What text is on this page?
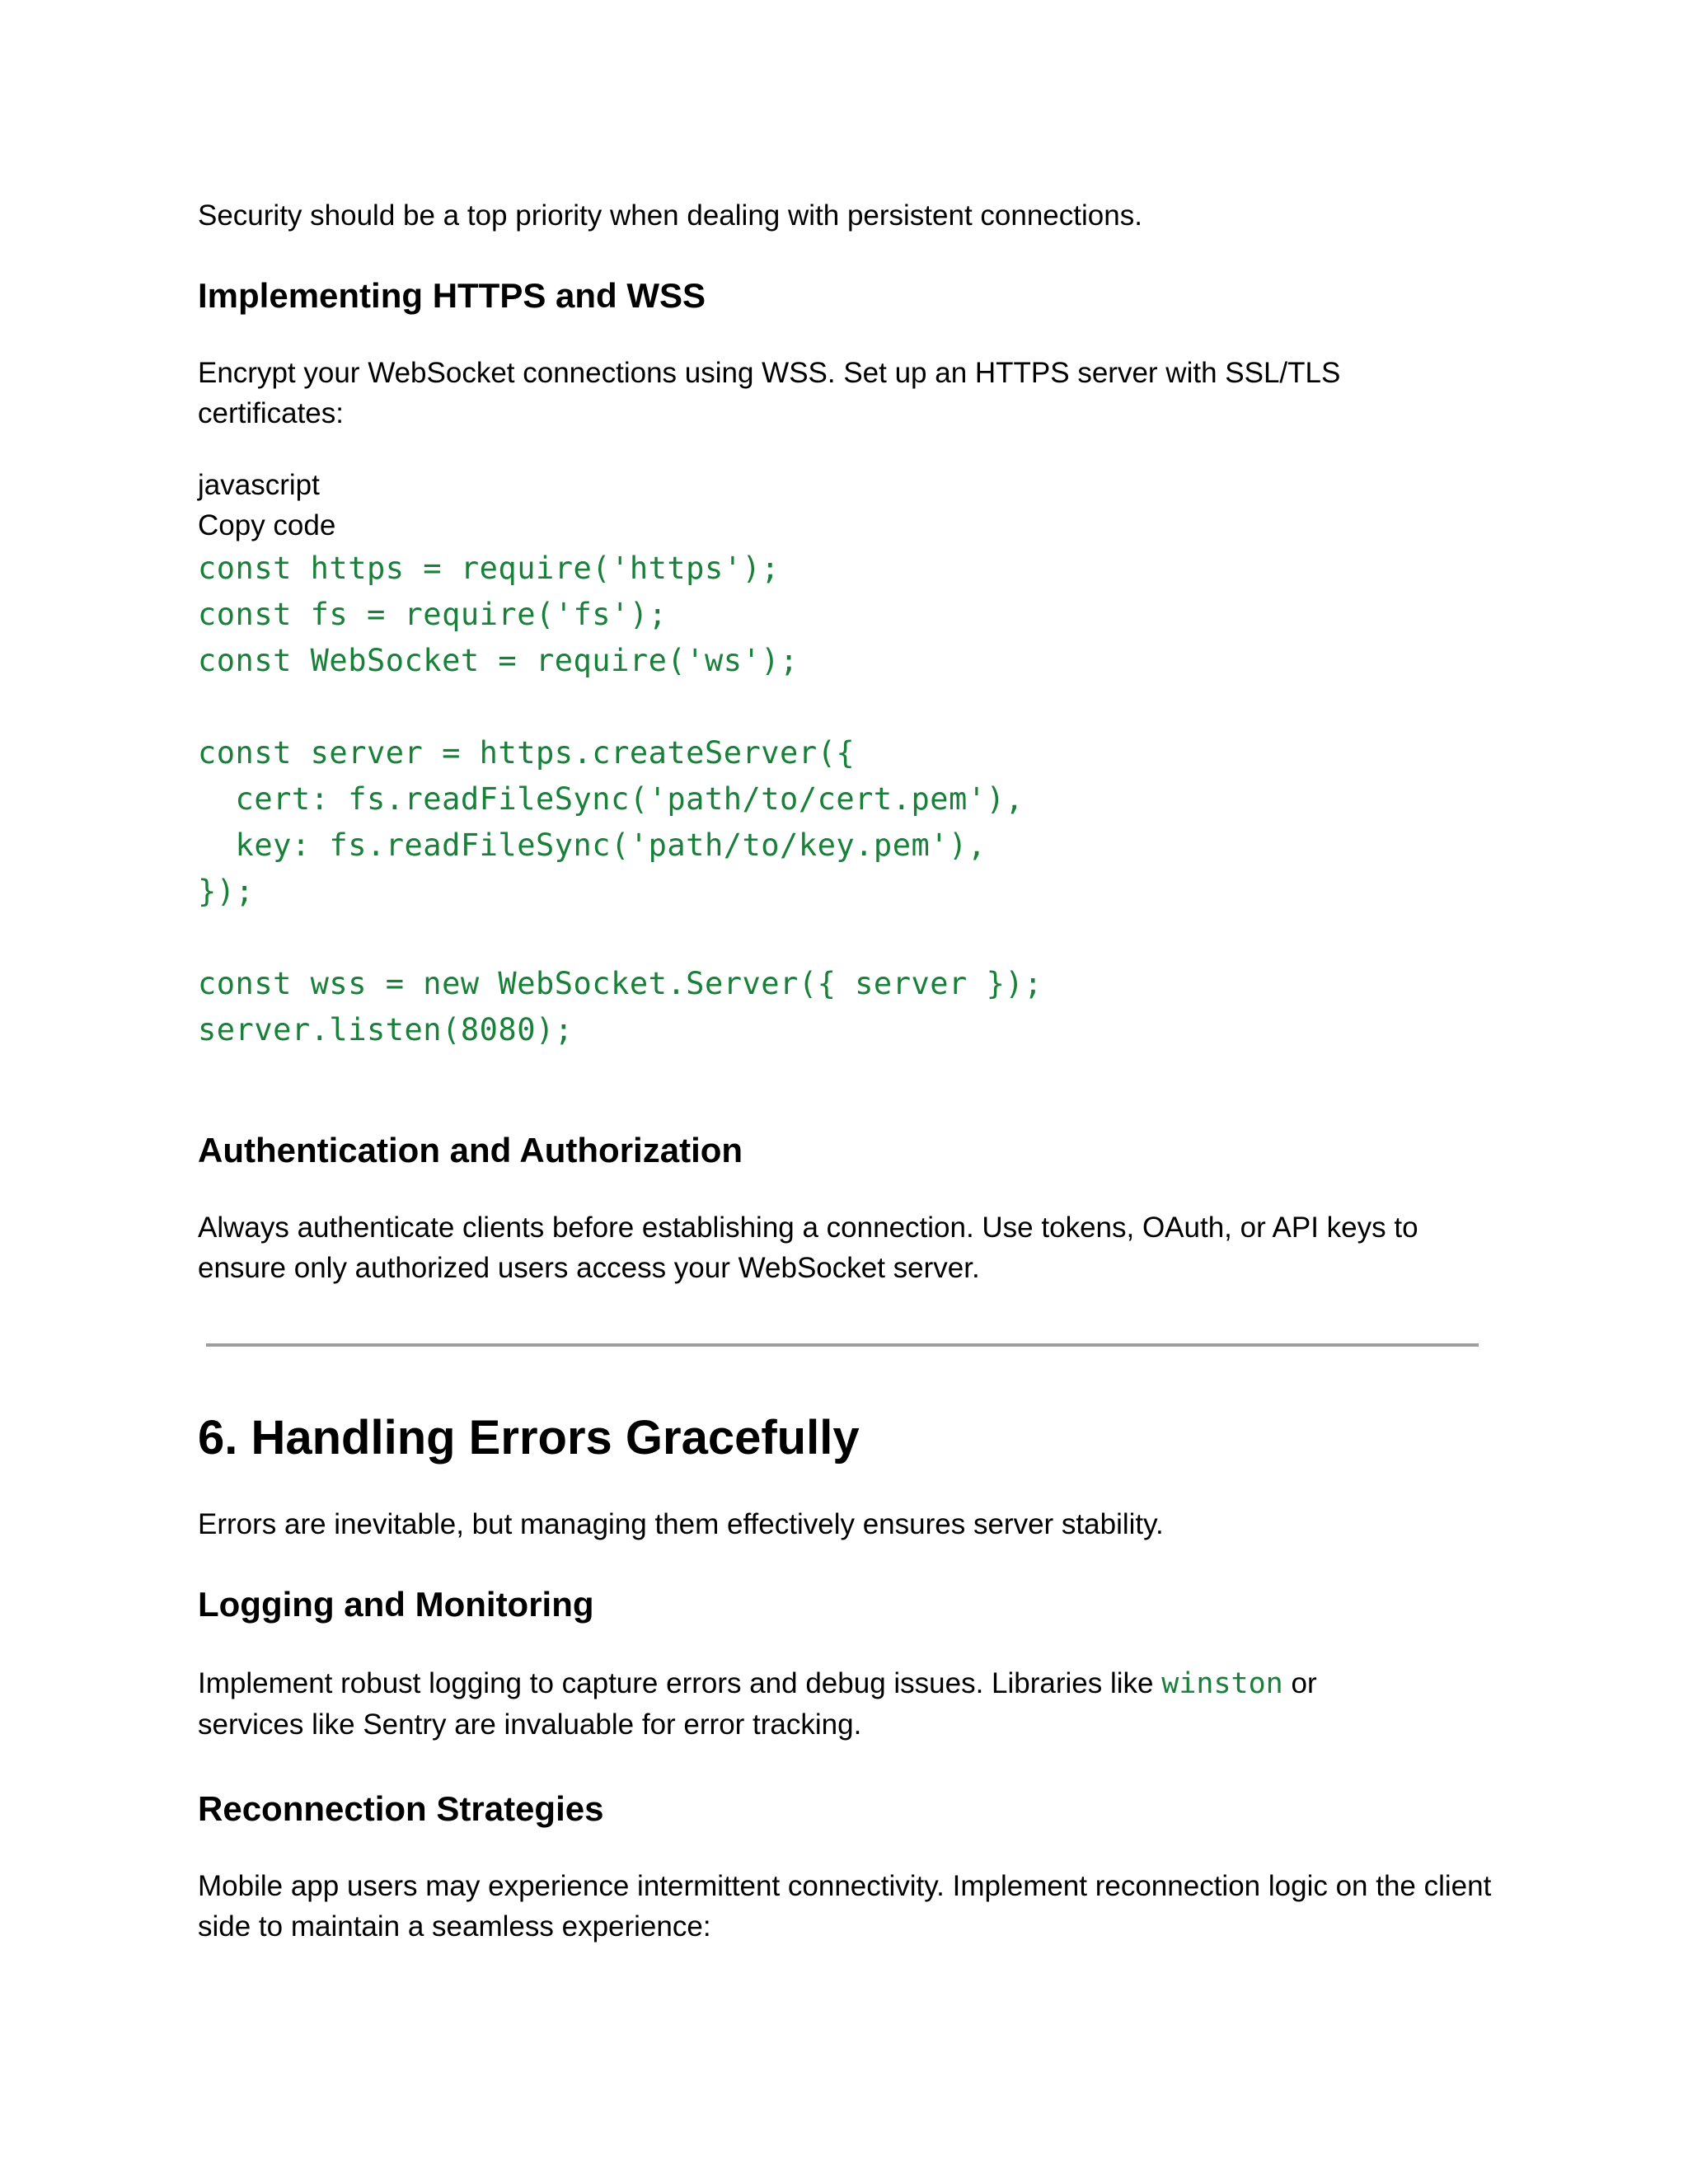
Security should be a top priority when dealing with persistent connections.

Implementing HTTPS and WSS

Encrypt your WebSocket connections using WSS. Set up an HTTPS server with SSL/TLS certificates:

javascript

Copy code

const https = require('https');
const fs = require('fs');
const WebSocket = require('ws');
const server = https.createServer({
cert: fs.readFileSync('path/to/cert.pem'),
key: fs.readFileSync('path/to/key.pem'),
});
const wss = new WebSocket.Server({ server });
server.listen(8080);
Authentication and Authorization

Always authenticate clients before establishing a connection. Use tokens, OAuth, or API keys to ensure only authorized users access your WebSocket server.

6. Handling Errors Gracefully

Errors are inevitable, but managing them effectively ensures server stability.

Logging and Monitoring

Implement robust logging to capture errors and debug issues. Libraries like winston or services like Sentry are invaluable for error tracking.

Reconnection Strategies

Mobile app users may experience intermittent connectivity. Implement reconnection logic on the client side to maintain a seamless experience:
